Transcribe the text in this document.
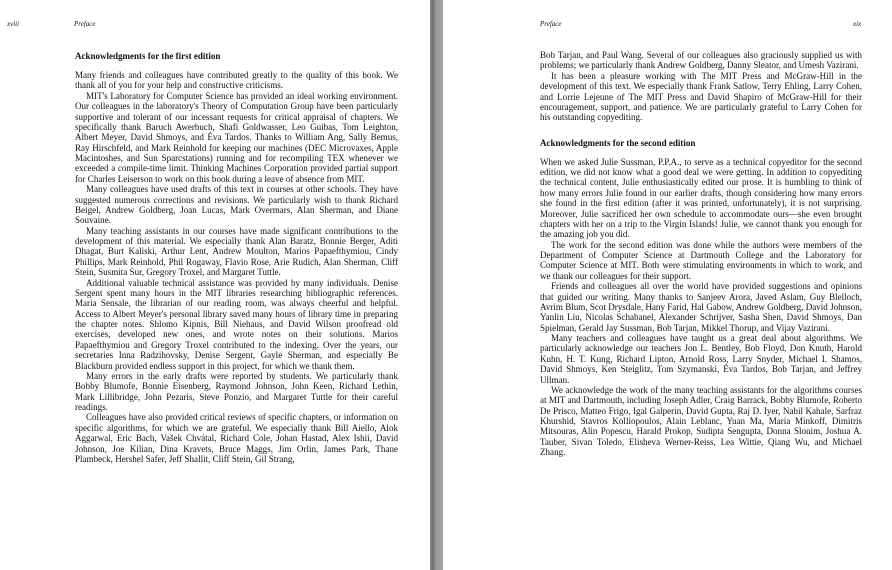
xviii	Preface
Acknowledgments for the first edition

Many friends and colleagues have contributed greatly to the quality of this book. We thank all of you for your help and constructive criticisms.

MIT's Laboratory for Computer Science has provided an ideal working environment. Our colleagues in the laboratory's Theory of Computation Group have been particularly supportive and tolerant of our incessant requests for critical appraisal of chapters. We specifically thank Baruch Awerbuch, Shafi Goldwasser, Leo Guibas, Tom Leighton, Albert Meyer, David Shmoys, and Éva Tardos. Thanks to William Ang, Sally Bemus, Ray Hirschfeld, and Mark Reinhold for keeping our machines (DEC Microvaxes, Apple Macintoshes, and Sun Sparcstations) running and for recompiling TEX whenever we exceeded a compile-time limit. Thinking Machines Corporation provided partial support for Charles Leiserson to work on this book during a leave of absence from MIT.

Many colleagues have used drafts of this text in courses at other schools. They have suggested numerous corrections and revisions. We particularly wish to thank Richard Beigel, Andrew Goldberg, Joan Lucas, Mark Overmars, Alan Sherman, and Diane Souvaine.

Many teaching assistants in our courses have made significant contributions to the development of this material. We especially thank Alan Baratz, Bonnie Berger, Aditi Dhagat, Burt Kaliski, Arthur Lent, Andrew Moulton, Marios Papaefthymiou, Cindy Phillips, Mark Reinhold, Phil Rogaway, Flavio Rose, Arie Rudich, Alan Sherman, Cliff Stein, Susmita Sur, Gregory Troxel, and Margaret Tuttle.

Additional valuable technical assistance was provided by many individuals. Denise Sergent spent many hours in the MIT libraries researching bibliographic references. Maria Sensale, the librarian of our reading room, was always cheerful and helpful. Access to Albert Meyer's personal library saved many hours of library time in preparing the chapter notes. Shlomo Kipnis, Bill Niehaus, and David Wilson proofread old exercises, developed new ones, and wrote notes on their solutions. Marios Papaefthymiou and Gregory Troxel contributed to the indexing. Over the years, our secretaries Inna Radzihovsky, Denise Sergent, Gayle Sherman, and especially Be Blackburn provided endless support in this project, for which we thank them.

Many errors in the early drafts were reported by students. We particularly thank Bobby Blumofe, Bonnie Eisenberg, Raymond Johnson, John Keen, Richard Lethin, Mark Lillibridge, John Pezaris, Steve Ponzio, and Margaret Tuttle for their careful readings.

Colleagues have also provided critical reviews of specific chapters, or information on specific algorithms, for which we are grateful. We especially thank Bill Aiello, Alok Aggarwal, Eric Bach, Vašek Chvátal, Richard Cole, Johan Hastad, Alex Ishii, David Johnson, Joe Kilian, Dina Kravets, Bruce Maggs, Jim Orlin, James Park, Thane Plambeck, Hershel Safer, Jeff Shallit, Cliff Stein, Gil Strang,

Preface	xix

Bob Tarjan, and Paul Wang. Several of our colleagues also graciously supplied us with problems; we particularly thank Andrew Goldberg, Danny Sleator, and Umesh Vazirani.

It has been a pleasure working with The MIT Press and McGraw-Hill in the development of this text. We especially thank Frank Satlow, Terry Ehling, Larry Cohen, and Lorrie Lejeune of The MIT Press and David Shapiro of McGraw-Hill for their encouragement, support, and patience. We are particularly grateful to Larry Cohen for his outstanding copyediting.

Acknowledgments for the second edition

When we asked Julie Sussman, P.P.A., to serve as a technical copyeditor for the second edition, we did not know what a good deal we were getting. In addition to copyediting the technical content, Julie enthusiastically edited our prose. It is humbling to think of how many errors Julie found in our earlier drafts, though considering how many errors she found in the first edition (after it was printed, unfortunately), it is not surprising. Moreover, Julie sacrificed her own schedule to accommodate ours—she even brought chapters with her on a trip to the Virgin Islands! Julie, we cannot thank you enough for the amazing job you did.

The work for the second edition was done while the authors were members of the Department of Computer Science at Dartmouth College and the Laboratory for Computer Science at MIT. Both were stimulating environments in which to work, and we thank our colleagues for their support.

Friends and colleagues all over the world have provided suggestions and opinions that guided our writing. Many thanks to Sanjeev Arora, Javed Aslam, Guy Blelloch, Avrim Blum, Scot Drysdale, Hany Farid, Hal Gabow, Andrew Goldberg, David Johnson, Yanlin Liu, Nicolas Schabanel, Alexander Schrijver, Sasha Shen, David Shmoys, Dan Spielman, Gerald Jay Sussman, Bob Tarjan, Mikkel Thorup, and Vijay Vazirani.

Many teachers and colleagues have taught us a great deal about algorithms. We particularly acknowledge our teachers Jon L. Bentley, Bob Floyd, Don Knuth, Harold Kuhn, H. T. Kung, Richard Lipton, Arnold Ross, Larry Snyder, Michael I. Shamos, David Shmoys, Ken Steiglitz, Tom Szymanski, Éva Tardos, Bob Tarjan, and Jeffrey Ullman.

We acknowledge the work of the many teaching assistants for the algorithms courses at MIT and Dartmouth, including Joseph Adler, Craig Barrack, Bobby Blumofe, Roberto De Prisco, Matteo Frigo, Igal Galperin, David Gupta, Raj D. Iyer, Nabil Kahale, Sarfraz Khurshid, Stavros Kolliopoulos, Alain Leblanc, Yuan Ma, Maria Minkoff, Dimitris Mitsouras, Alin Popescu, Harald Prokop, Sudipta Sengupta, Donna Slonim, Joshua A. Tauber, Sivan Toledo, Elisheva Werner-Reiss, Lea Wittie, Qiang Wu, and Michael Zhang.
